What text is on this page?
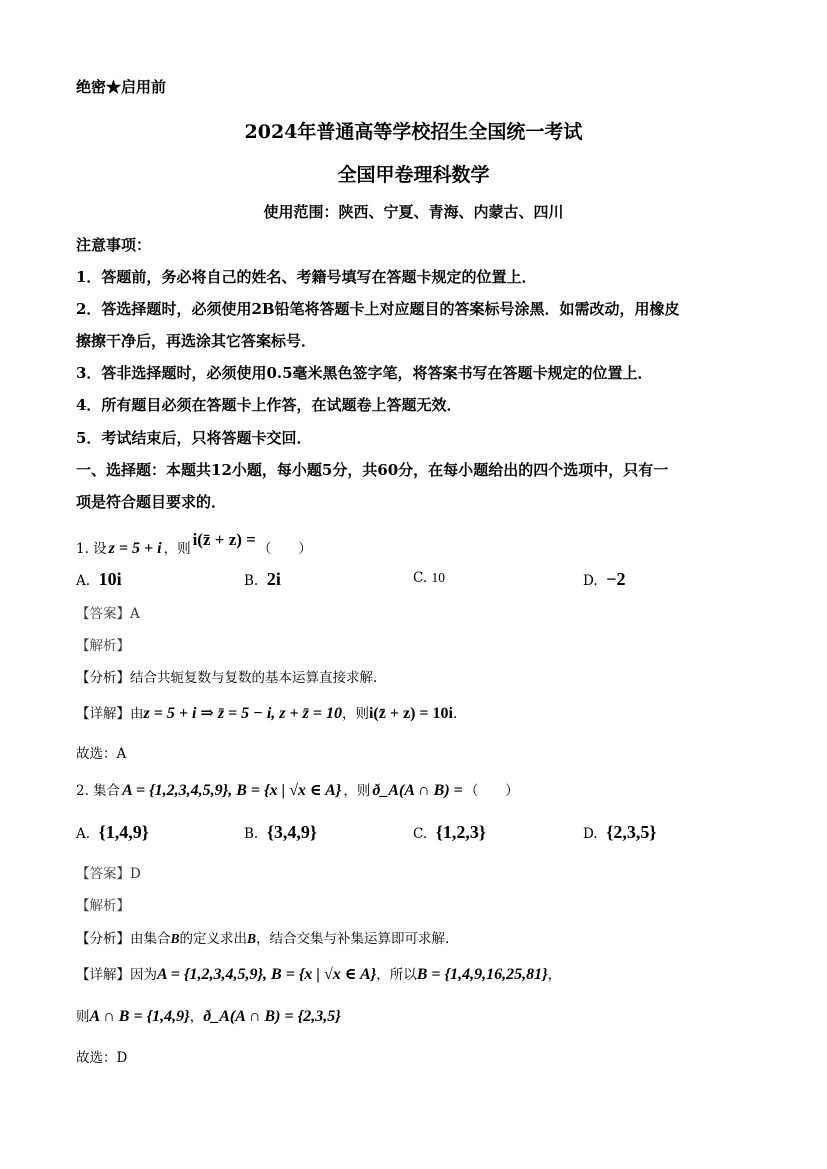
绝密★启用前
2024年普通高等学校招生全国统一考试
全国甲卷理科数学
使用范围：陕西、宁夏、青海、内蒙古、四川
注意事项：
1．答题前，务必将自己的姓名、考籍号填写在答题卡规定的位置上．
2．答选择题时，必须使用2B铅笔将答题卡上对应题目的答案标号涂黑．如需改动，用橡皮
擦擦干净后，再选涂其它答案标号．
3．答非选择题时，必须使用0.5毫米黑色签字笔，将答案书写在答题卡规定的位置上．
4．所有题目必须在答题卡上作答，在试题卷上答题无效．
5．考试结束后，只将答题卡交回．
一、选择题：本题共12小题，每小题5分，共60分，在每小题给出的四个选项中，只有一
项是符合题目要求的．
1. 设 z = 5 + i ，则 i(z̄ + z) = （　　）
A. 10i	B. 2i	C. 10	D. −2
【答案】A
【解析】
【分析】结合共轭复数与复数的基本运算直接求解.
【详解】由z = 5 + i ⇒ z̄ = 5 − i, z + z̄ = 10，则i(z̄ + z) = 10i.
故选：A
2. 集合 A = {1,2,3,4,5,9}, B = {x | √x ∈ A} ，则 ð_A(A ∩ B) = （　　）
A. {1,4,9}	B. {3,4,9}	C. {1,2,3}	D. {2,3,5}
【答案】D
【解析】
【分析】由集合B的定义求出B，结合交集与补集运算即可求解.
【详解】因为A = {1,2,3,4,5,9}, B = {x | √x ∈ A}，所以B = {1,4,9,16,25,81}，
则A ∩ B = {1,4,9}，ð_A(A ∩ B) = {2,3,5}
故选：D
